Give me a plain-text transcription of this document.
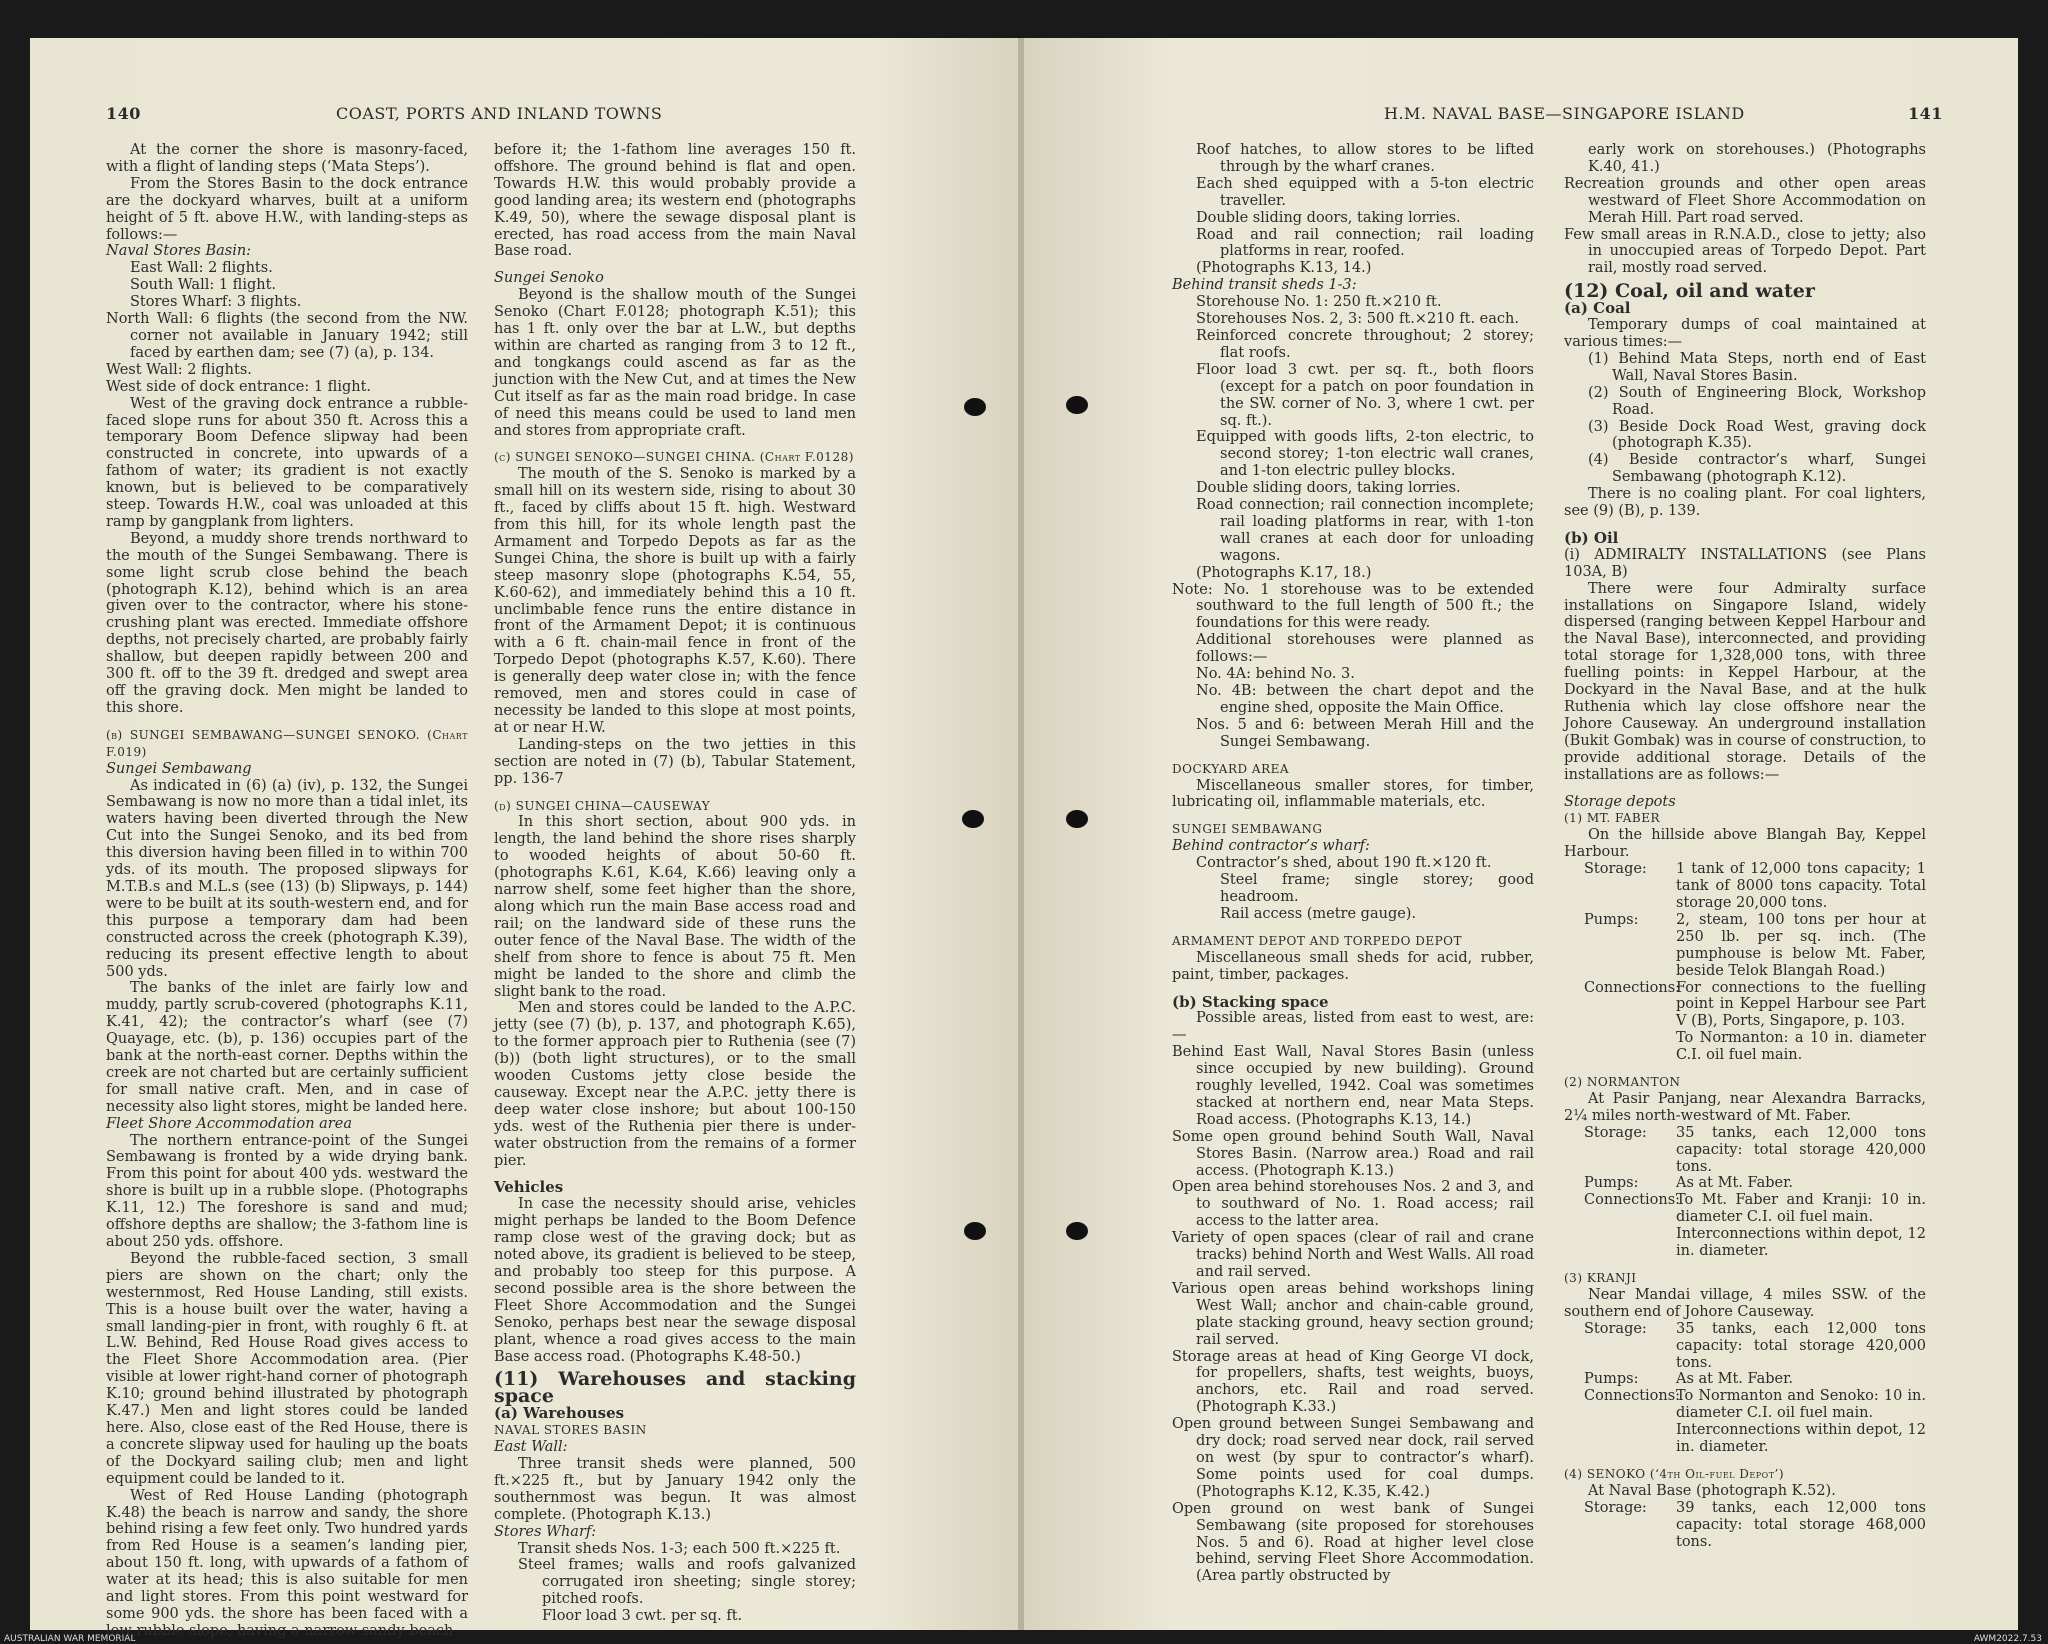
140	COAST, PORTS AND INLAND TOWNS	H.M. NAVAL BASE—SINGAPORE ISLAND	141

At the corner the shore is masonry-faced, with a flight of landing steps (‘Mata Steps’).

From the Stores Basin to the dock entrance are the dockyard wharves, built at a uniform height of 5 ft. above H.W., with landing-steps as follows:—

Naval Stores Basin:

East Wall: 2 flights.

South Wall: 1 flight.

Stores Wharf: 3 flights.

North Wall: 6 flights (the second from the NW. corner not available in January 1942; still faced by earthen dam; see (7) (a), p. 134.

West Wall: 2 flights.

West side of dock entrance: 1 flight.

West of the graving dock entrance a rubble-faced slope runs for about 350 ft. Across this a temporary Boom Defence slipway had been constructed in concrete, into upwards of a fathom of water; its gradient is not exactly known, but is believed to be comparatively steep. Towards H.W., coal was unloaded at this ramp by gangplank from lighters.

Beyond, a muddy shore trends northward to the mouth of the Sungei Sembawang. There is some light scrub close behind the beach (photograph K.12), behind which is an area given over to the contractor, where his stone-crushing plant was erected. Immediate offshore depths, not precisely charted, are probably fairly shallow, but deepen rapidly between 200 and 300 ft. off to the 39 ft. dredged and swept area off the graving dock. Men might be landed to this shore.

(b) SUNGEI SEMBAWANG—SUNGEI SENOKO. (Chart F.019)

Sungei Sembawang

As indicated in (6) (a) (iv), p. 132, the Sungei Sembawang is now no more than a tidal inlet, its waters having been diverted through the New Cut into the Sungei Senoko, and its bed from this diversion having been filled in to within 700 yds. of its mouth. The proposed slipways for M.T.B.s and M.L.s (see (13) (b) Slipways, p. 144) were to be built at its south-western end, and for this purpose a temporary dam had been constructed across the creek (photograph K.39), reducing its present effective length to about 500 yds.

The banks of the inlet are fairly low and muddy, partly scrub-covered (photographs K.11, K.41, 42); the contractor’s wharf (see (7) Quayage, etc. (b), p. 136) occupies part of the bank at the north-east corner. Depths within the creek are not charted but are certainly sufficient for small native craft. Men, and in case of necessity also light stores, might be landed here.

Fleet Shore Accommodation area

The northern entrance-point of the Sungei Sembawang is fronted by a wide drying bank. From this point for about 400 yds. westward the shore is built up in a rubble slope. (Photographs K.11, 12.) The foreshore is sand and mud; offshore depths are shallow; the 3-fathom line is about 250 yds. offshore.

Beyond the rubble-faced section, 3 small piers are shown on the chart; only the westernmost, Red House Landing, still exists. This is a house built over the water, having a small landing-pier in front, with roughly 6 ft. at L.W. Behind, Red House Road gives access to the Fleet Shore Accommodation area. (Pier visible at lower right-hand corner of photograph K.10; ground behind illustrated by photograph K.47.) Men and light stores could be landed here. Also, close east of the Red House, there is a concrete slipway used for hauling up the boats of the Dockyard sailing club; men and light equipment could be landed to it.

West of Red House Landing (photograph K.48) the beach is narrow and sandy, the shore behind rising a few feet only. Two hundred yards from Red House is a seamen’s landing pier, about 150 ft. long, with upwards of a fathom of water at its head; this is also suitable for men and light stores. From this point westward for some 900 yds. the shore has been faced with a low rubble slope, having a narrow sandy beach

before it; the 1-fathom line averages 150 ft. offshore. The ground behind is flat and open. Towards H.W. this would probably provide a good landing area; its western end (photographs K.49, 50), where the sewage disposal plant is erected, has road access from the main Naval Base road.

Sungei Senoko

Beyond is the shallow mouth of the Sungei Senoko (Chart F.0128; photograph K.51); this has 1 ft. only over the bar at L.W., but depths within are charted as ranging from 3 to 12 ft., and tongkangs could ascend as far as the junction with the New Cut, and at times the New Cut itself as far as the main road bridge. In case of need this means could be used to land men and stores from appropriate craft.

(c) SUNGEI SENOKO—SUNGEI CHINA. (Chart F.0128)

The mouth of the S. Senoko is marked by a small hill on its western side, rising to about 30 ft., faced by cliffs about 15 ft. high. Westward from this hill, for its whole length past the Armament and Torpedo Depots as far as the Sungei China, the shore is built up with a fairly steep masonry slope (photographs K.54, 55, K.60-62), and immediately behind this a 10 ft. unclimbable fence runs the entire distance in front of the Armament Depot; it is continuous with a 6 ft. chain-mail fence in front of the Torpedo Depot (photographs K.57, K.60). There is generally deep water close in; with the fence removed, men and stores could in case of necessity be landed to this slope at most points, at or near H.W.

Landing-steps on the two jetties in this section are noted in (7) (b), Tabular Statement, pp. 136-7

(d) SUNGEI CHINA—CAUSEWAY

In this short section, about 900 yds. in length, the land behind the shore rises sharply to wooded heights of about 50-60 ft. (photographs K.61, K.64, K.66) leaving only a narrow shelf, some feet higher than the shore, along which run the main Base access road and rail; on the landward side of these runs the outer fence of the Naval Base. The width of the shelf from shore to fence is about 75 ft. Men might be landed to the shore and climb the slight bank to the road.

Men and stores could be landed to the A.P.C. jetty (see (7) (b), p. 137, and photograph K.65), to the former approach pier to Ruthenia (see (7) (b)) (both light structures), or to the small wooden Customs jetty close beside the causeway. Except near the A.P.C. jetty there is deep water close inshore; but about 100-150 yds. west of the Ruthenia pier there is under-water obstruction from the remains of a former pier.

Vehicles

In case the necessity should arise, vehicles might perhaps be landed to the Boom Defence ramp close west of the graving dock; but as noted above, its gradient is believed to be steep, and probably too steep for this purpose. A second possible area is the shore between the Fleet Shore Accommodation and the Sungei Senoko, perhaps best near the sewage disposal plant, whence a road gives access to the main Base access road. (Photographs K.48-50.)

(11) Warehouses and stacking space

(a) Warehouses

NAVAL STORES BASIN

East Wall:

Three transit sheds were planned, 500 ft.×225 ft., but by January 1942 only the southernmost was begun. It was almost complete. (Photograph K.13.)

Stores Wharf:

Transit sheds Nos. 1-3; each 500 ft.×225 ft.

Steel frames; walls and roofs galvanized corrugated iron sheeting; single storey; pitched roofs.

Floor load 3 cwt. per sq. ft.

Roof hatches, to allow stores to be lifted through by the wharf cranes.

Each shed equipped with a 5-ton electric traveller.

Double sliding doors, taking lorries.

Road and rail connection; rail loading platforms in rear, roofed.

(Photographs K.13, 14.)

Behind transit sheds 1-3:

Storehouse No. 1: 250 ft.×210 ft.

Storehouses Nos. 2, 3: 500 ft.×210 ft. each.

Reinforced concrete throughout; 2 storey; flat roofs.

Floor load 3 cwt. per sq. ft., both floors (except for a patch on poor foundation in the SW. corner of No. 3, where 1 cwt. per sq. ft.).

Equipped with goods lifts, 2-ton electric, to second storey; 1-ton electric wall cranes, and 1-ton electric pulley blocks.

Double sliding doors, taking lorries.

Road connection; rail connection incomplete; rail loading platforms in rear, with 1-ton wall cranes at each door for unloading wagons.

(Photographs K.17, 18.)

Note: No. 1 storehouse was to be extended southward to the full length of 500 ft.; the foundations for this were ready.

Additional storehouses were planned as follows:—

No. 4A: behind No. 3.

No. 4B: between the chart depot and the engine shed, opposite the Main Office.

Nos. 5 and 6: between Merah Hill and the Sungei Sembawang.

DOCKYARD AREA

Miscellaneous smaller stores, for timber, lubricating oil, inflammable materials, etc.

SUNGEI SEMBAWANG

Behind contractor’s wharf:

Contractor’s shed, about 190 ft.×120 ft.

Steel frame; single storey; good headroom.

Rail access (metre gauge).

ARMAMENT DEPOT AND TORPEDO DEPOT

Miscellaneous small sheds for acid, rubber, paint, timber, packages.

(b) Stacking space

Possible areas, listed from east to west, are:—

Behind East Wall, Naval Stores Basin (unless since occupied by new building). Ground roughly levelled, 1942. Coal was sometimes stacked at northern end, near Mata Steps. Road access. (Photographs K.13, 14.)

Some open ground behind South Wall, Naval Stores Basin. (Narrow area.) Road and rail access. (Photograph K.13.)

Open area behind storehouses Nos. 2 and 3, and to southward of No. 1. Road access; rail access to the latter area.

Variety of open spaces (clear of rail and crane tracks) behind North and West Walls. All road and rail served.

Various open areas behind workshops lining West Wall; anchor and chain-cable ground, plate stacking ground, heavy section ground; rail served.

Storage areas at head of King George VI dock, for propellers, shafts, test weights, buoys, anchors, etc. Rail and road served. (Photograph K.33.)

Open ground between Sungei Sembawang and dry dock; road served near dock, rail served on west (by spur to contractor’s wharf). Some points used for coal dumps. (Photographs K.12, K.35, K.42.)

Open ground on west bank of Sungei Sembawang (site proposed for storehouses Nos. 5 and 6). Road at higher level close behind, serving Fleet Shore Accommodation. (Area partly obstructed by

early work on storehouses.) (Photographs K.40, 41.)

Recreation grounds and other open areas westward of Fleet Shore Accommodation on Merah Hill. Part road served.

Few small areas in R.N.A.D., close to jetty; also in unoccupied areas of Torpedo Depot. Part rail, mostly road served.

(12) Coal, oil and water

(a) Coal

Temporary dumps of coal maintained at various times:—

(1) Behind Mata Steps, north end of East Wall, Naval Stores Basin.

(2) South of Engineering Block, Workshop Road.

(3) Beside Dock Road West, graving dock (photograph K.35).

(4) Beside contractor’s wharf, Sungei Sembawang (photograph K.12).

There is no coaling plant. For coal lighters, see (9) (B), p. 139.

(b) Oil

(i) ADMIRALTY INSTALLATIONS (see Plans 103A, B)

There were four Admiralty surface installations on Singapore Island, widely dispersed (ranging between Keppel Harbour and the Naval Base), interconnected, and providing total storage for 1,328,000 tons, with three fuelling points: in Keppel Harbour, at the Dockyard in the Naval Base, and at the hulk Ruthenia which lay close offshore near the Johore Causeway. An underground installation (Bukit Gombak) was in course of construction, to provide additional storage. Details of the installations are as follows:—

Storage depots

(1) MT. FABER

On the hillside above Blangah Bay, Keppel Harbour.

Storage:	1 tank of 12,000 tons capacity; 1 tank of 8000 tons capacity. Total storage 20,000 tons.
Pumps:	2, steam, 100 tons per hour at 250 lb. per sq. inch. (The pumphouse is below Mt. Faber, beside Telok Blangah Road.)
Connections:
For connections to the fuelling point in Keppel Harbour see Part V (B), Ports, Singapore, p. 103.
To Normanton: a 10 in. diameter C.I. oil fuel main.

(2) NORMANTON

At Pasir Panjang, near Alexandra Barracks, 2¼ miles north-westward of Mt. Faber.

Storage:	35 tanks, each 12,000 tons capacity: total storage 420,000 tons.
Pumps:	As at Mt. Faber.
Connections:
To Mt. Faber and Kranji: 10 in. diameter C.I. oil fuel main.
Interconnections within depot, 12 in. diameter.

(3) KRANJI

Near Mandai village, 4 miles SSW. of the southern end of Johore Causeway.

Storage:	35 tanks, each 12,000 tons capacity: total storage 420,000 tons.
Pumps:	As at Mt. Faber.
Connections:
To Normanton and Senoko: 10 in. diameter C.I. oil fuel main.
Interconnections within depot, 12 in. diameter.

(4) SENOKO (‘4th Oil-fuel Depot’)

At Naval Base (photograph K.52).

Storage:	39 tanks, each 12,000 tons capacity: total storage 468,000 tons.
AUSTRALIAN WAR MEMORIAL	AWM2022.7.53
